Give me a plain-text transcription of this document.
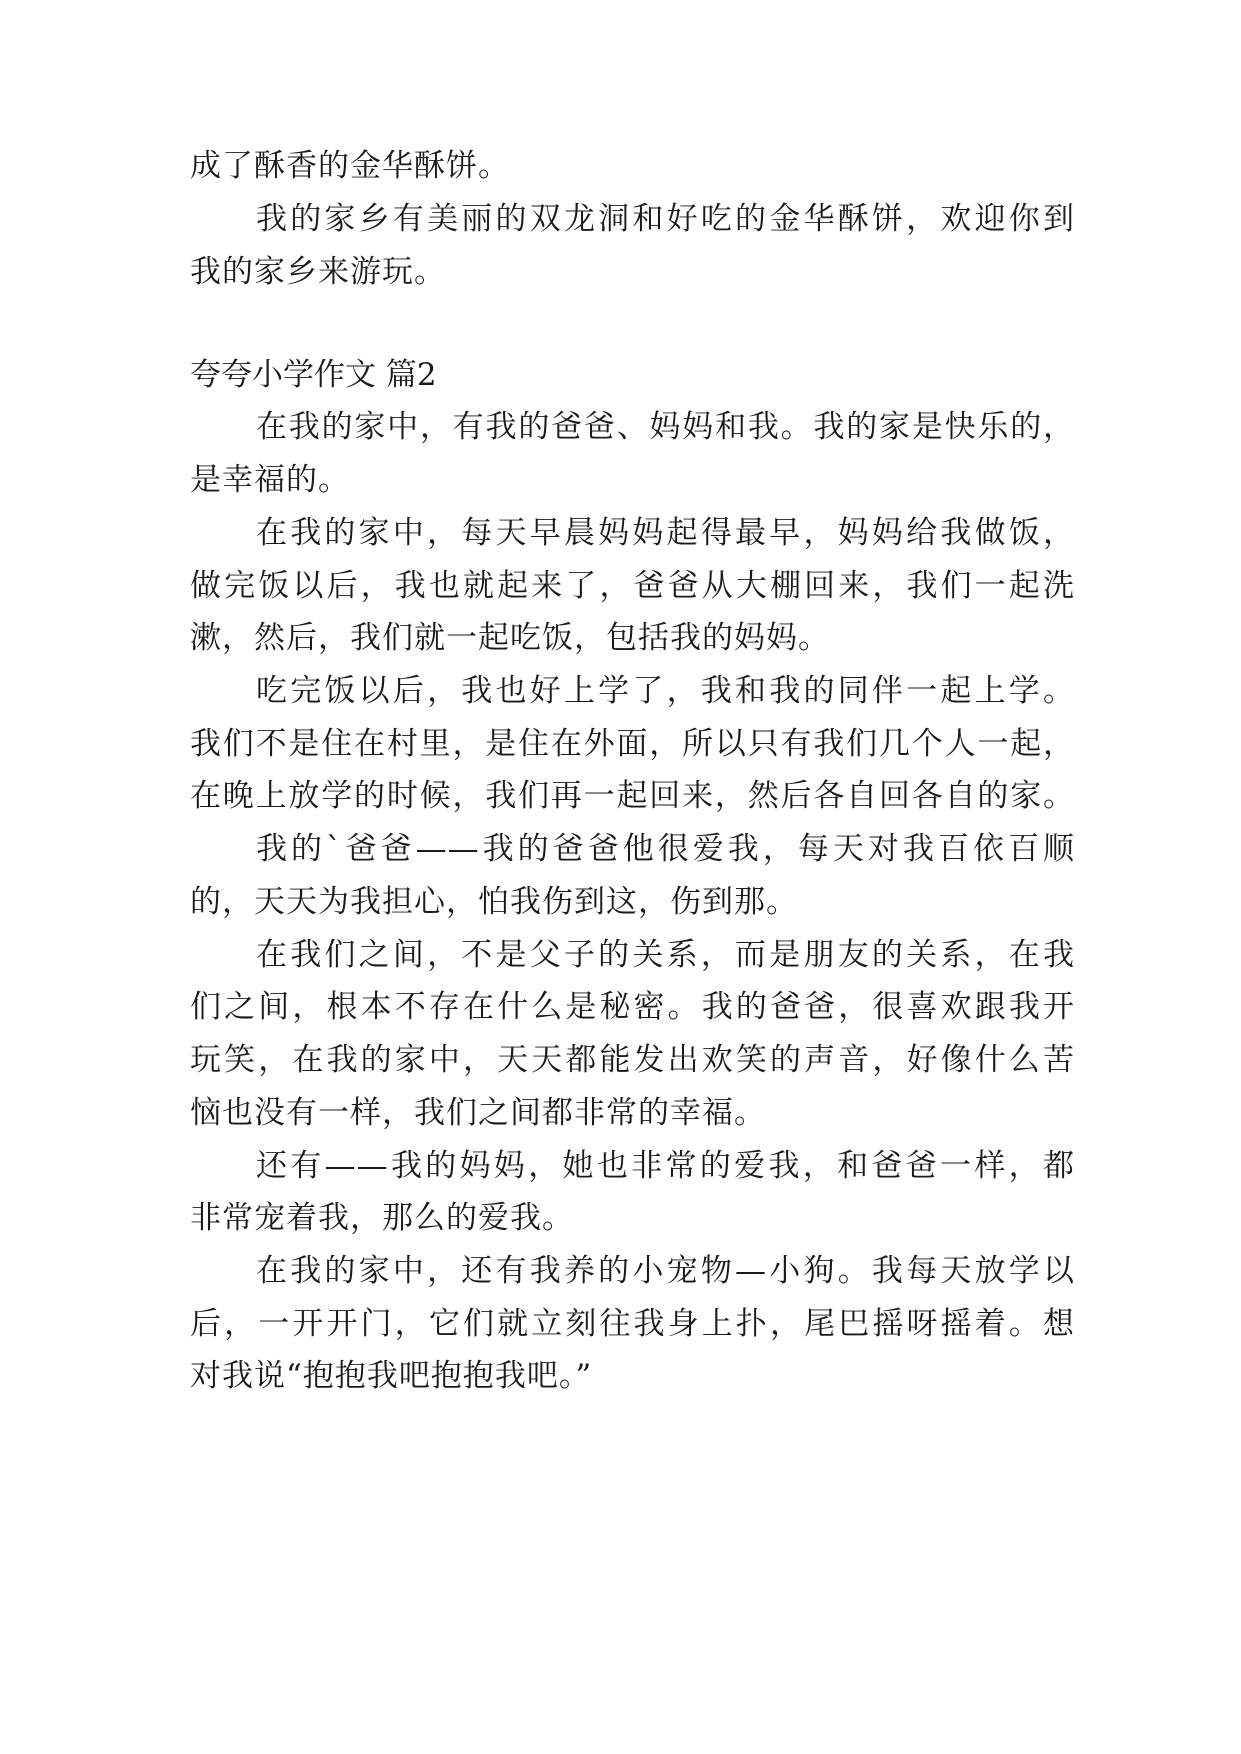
成了酥香的金华酥饼。

我的家乡有美丽的双龙洞和好吃的金华酥饼，欢迎你到

我的家乡来游玩。

夸夸小学作文 篇2

在我的家中，有我的爸爸、妈妈和我。我的家是快乐的，

是幸福的。

在我的家中，每天早晨妈妈起得最早，妈妈给我做饭，

做完饭以后，我也就起来了，爸爸从大棚回来，我们一起洗

漱，然后，我们就一起吃饭，包括我的妈妈。

吃完饭以后，我也好上学了，我和我的同伴一起上学。

我们不是住在村里，是住在外面，所以只有我们几个人一起，

在晚上放学的时候，我们再一起回来，然后各自回各自的家。

我的`爸爸——我的爸爸他很爱我，每天对我百依百顺

的，天天为我担心，怕我伤到这，伤到那。

在我们之间，不是父子的关系，而是朋友的关系，在我

们之间，根本不存在什么是秘密。我的爸爸，很喜欢跟我开

玩笑，在我的家中，天天都能发出欢笑的声音，好像什么苦

恼也没有一样，我们之间都非常的幸福。

还有——我的妈妈，她也非常的爱我，和爸爸一样，都

非常宠着我，那么的爱我。

在我的家中，还有我养的小宠物—小狗。我每天放学以

后，一开开门，它们就立刻往我身上扑，尾巴摇呀摇着。想

对我说“抱抱我吧抱抱我吧。”
